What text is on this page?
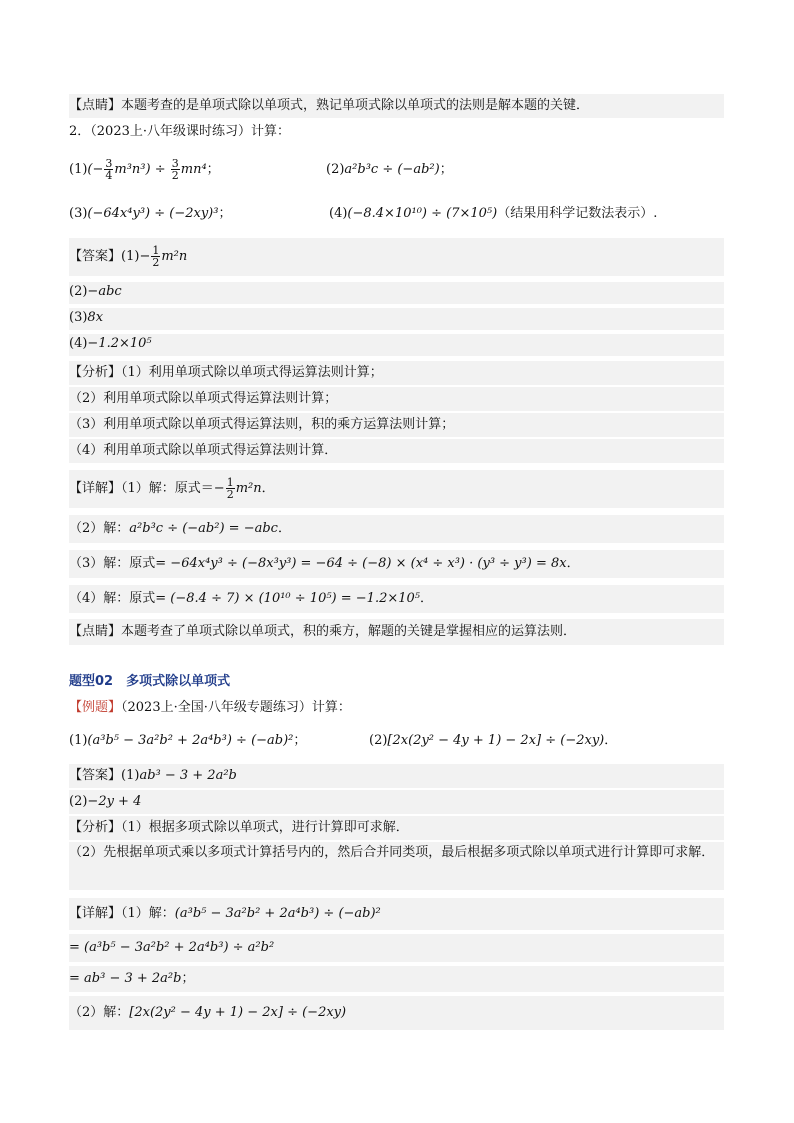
【点睛】本题考查的是单项式除以单项式，熟记单项式除以单项式的法则是解本题的关键．
2．（2023上·八年级课时练习）计算：
$(1)(- \frac{3}{4} m^3n^3) \div \frac{3}{2} mn^4$；	(2)a²b³c ÷ (−ab²)；
(3)(−64x⁴y³) ÷ (−2xy)³；	(4)(−8.4×10¹⁰) ÷ (7×10⁵)（结果用科学记数法表示）.
【答案】$(1)- \frac{1}{2} m^2n$
(2)−abc
(3)8x
(4)−1.2×10⁵
【分析】（1）利用单项式除以单项式得运算法则计算；
（2）利用单项式除以单项式得运算法则计算；
（3）利用单项式除以单项式得运算法则，积的乘方运算法则计算；
（4）利用单项式除以单项式得运算法则计算．
【详解】（1）解：原式＝− $\frac{1}{2} m^2n$．
（2）解：a²b³c ÷ (−ab²) = −abc．
（3）解：原式= −64x⁴y³ ÷ (−8x³y³) = −64 ÷ (−8) × (x⁴ ÷ x³) · (y³ ÷ y³) = 8x．
（4）解：原式= (−8.4 ÷ 7) × (10¹⁰ ÷ 10⁵) = −1.2×10⁵．
【点睛】本题考查了单项式除以单项式，积的乘方，解题的关键是掌握相应的运算法则．
题型02　多项式除以单项式
【例题】（2023上·全国·八年级专题练习）计算：
(1)(a³b⁵ − 3a²b² + 2a⁴b³) ÷ (−ab)²；	(2)[2x(2y² − 4y + 1) − 2x] ÷ (−2xy)．
【答案】(1)ab³ − 3 + 2a²b
(2)−2y + 4
【分析】（1）根据多项式除以单项式，进行计算即可求解．
（2）先根据单项式乘以多项式计算括号内的，然后合并同类项，最后根据多项式除以单项式进行计算即可求解．
【详解】（1）解：(a³b⁵ − 3a²b² + 2a⁴b³) ÷ (−ab)²
= (a³b⁵ − 3a²b² + 2a⁴b³) ÷ a²b²
= ab³ − 3 + 2a²b；
（2）解：[2x(2y² − 4y + 1) − 2x] ÷ (−2xy)
